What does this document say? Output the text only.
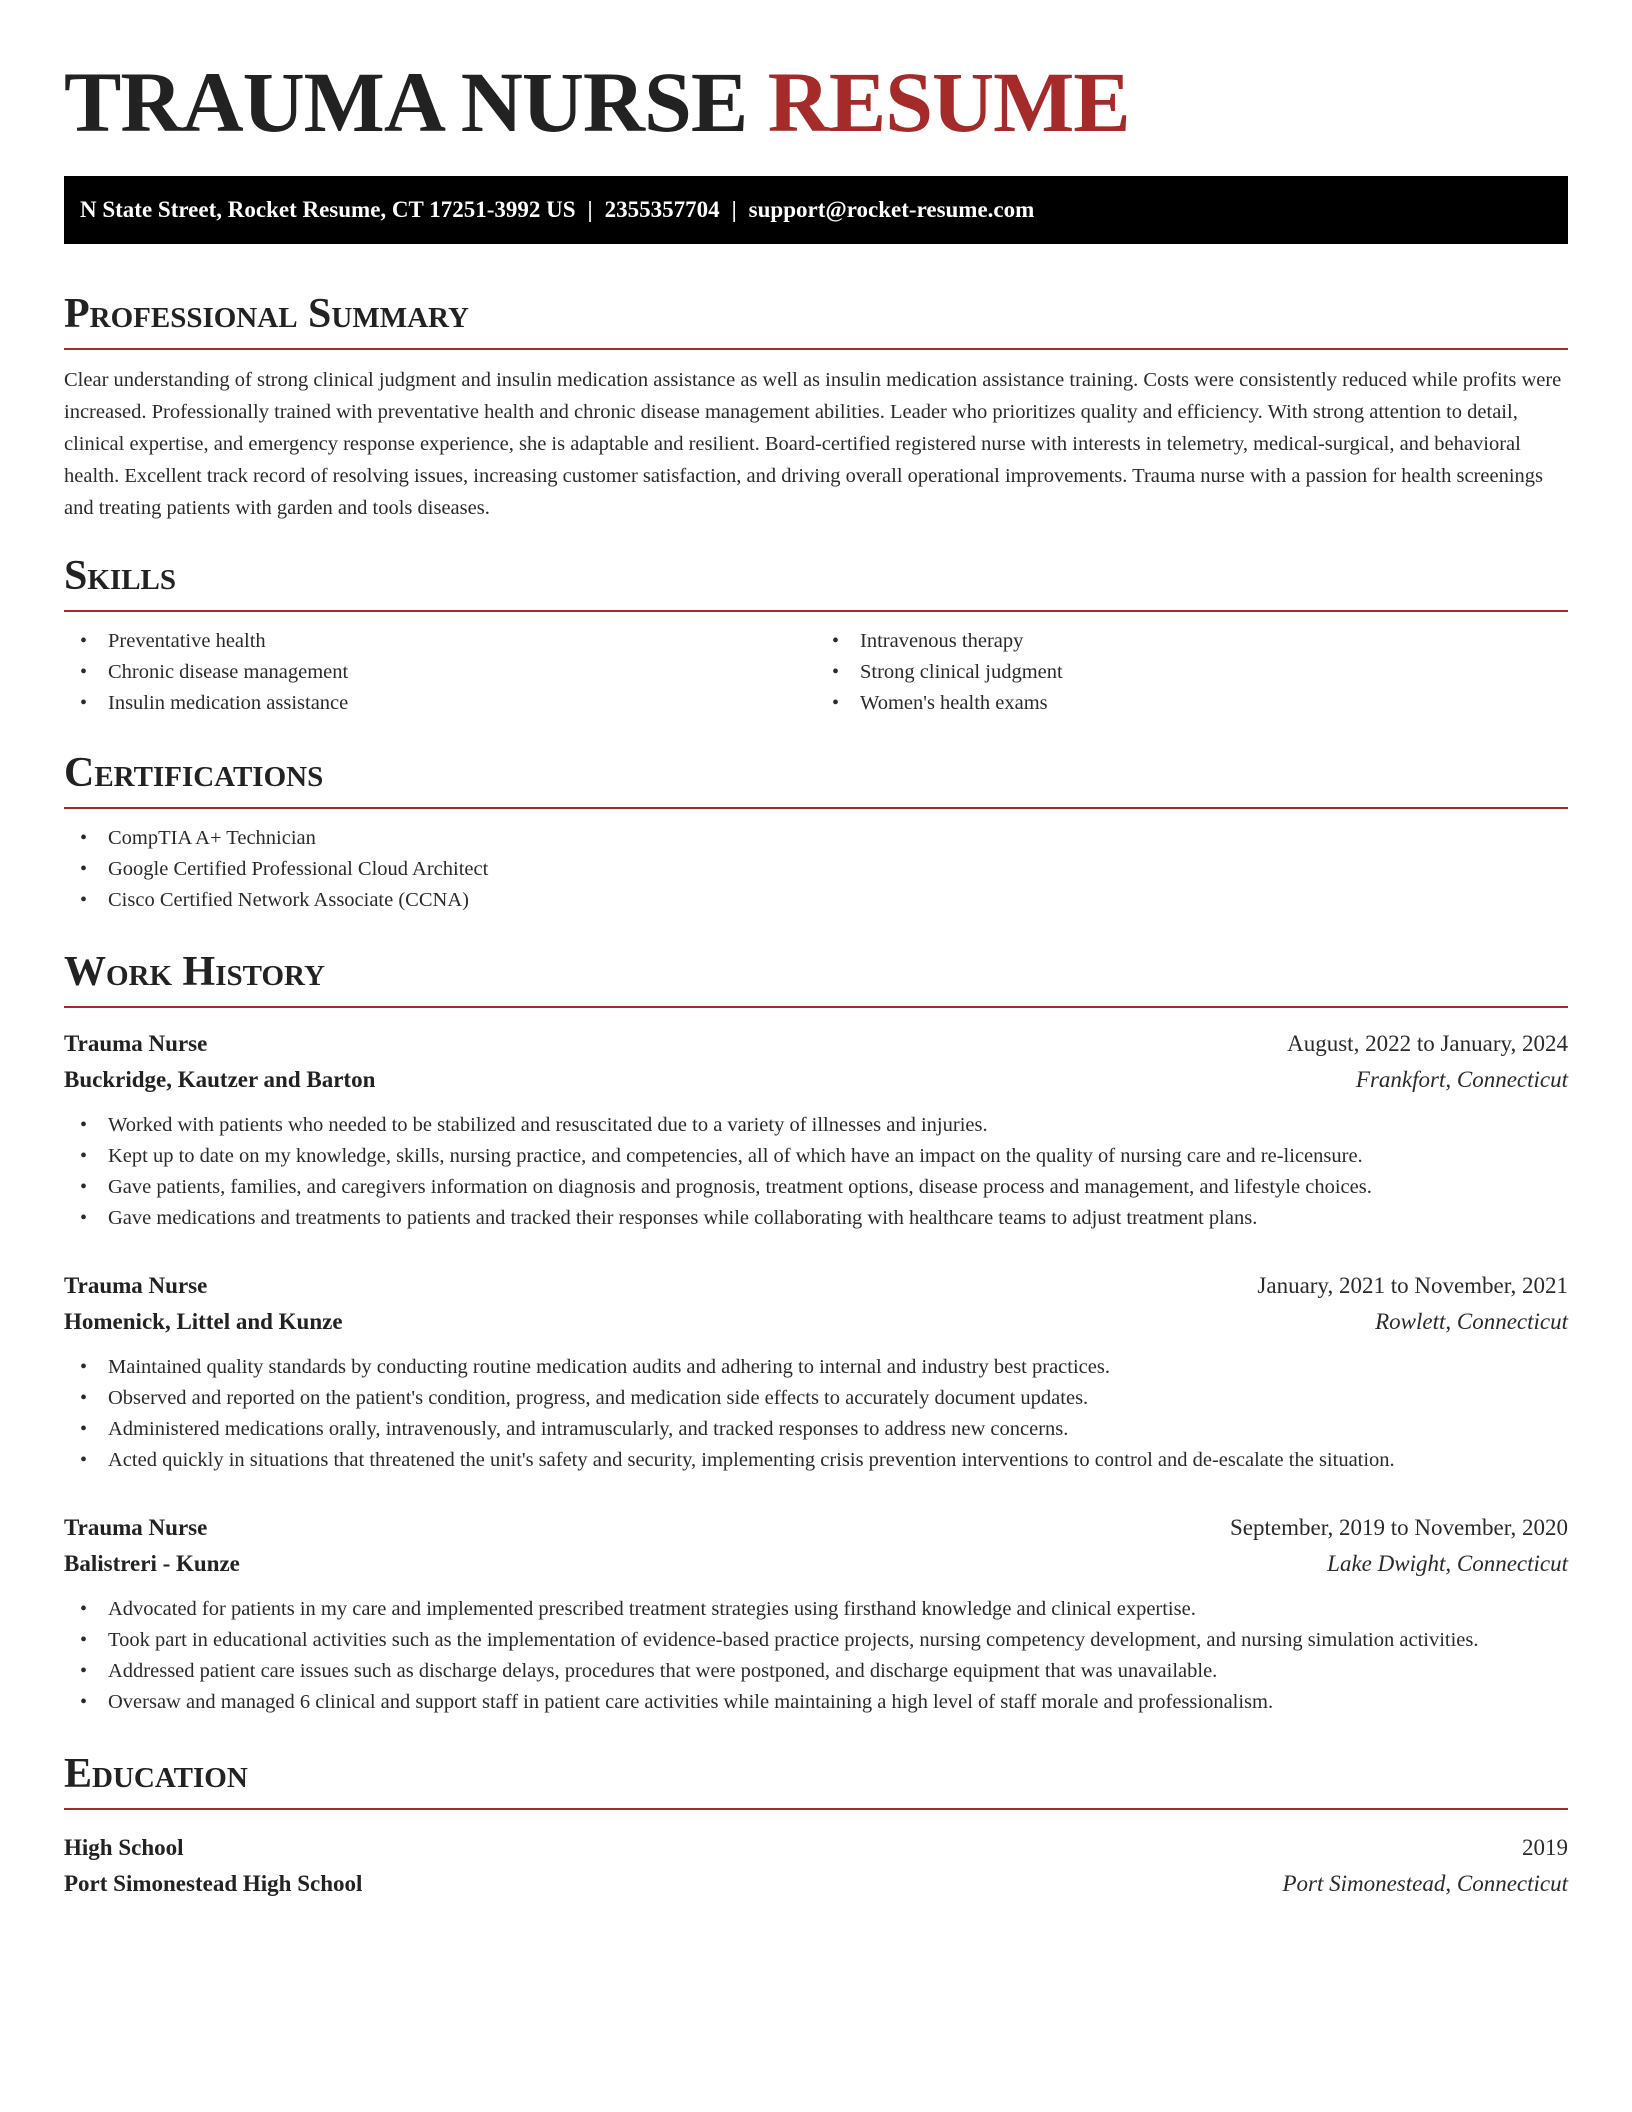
TRAUMA NURSE RESUME
N State Street, Rocket Resume, CT 17251-3992 US | 2355357704 | support@rocket-resume.com
Professional Summary

Clear understanding of strong clinical judgment and insulin medication assistance as well as insulin medication assistance training. Costs were consistently reduced while profits were increased. Professionally trained with preventative health and chronic disease management abilities. Leader who prioritizes quality and efficiency. With strong attention to detail, clinical expertise, and emergency response experience, she is adaptable and resilient. Board-certified registered nurse with interests in telemetry, medical-surgical, and behavioral health. Excellent track record of resolving issues, increasing customer satisfaction, and driving overall operational improvements. Trauma nurse with a passion for health screenings and treating patients with garden and tools diseases.

Skills
• Preventative health
• Chronic disease management
• Insulin medication assistance
• Intravenous therapy
• Strong clinical judgment
• Women's health exams
Certifications
• CompTIA A+ Technician
• Google Certified Professional Cloud Architect
• Cisco Certified Network Associate (CCNA)
Work History
Trauma Nurse	August, 2022 to January, 2024
Buckridge, Kautzer and Barton	Frankfort, Connecticut
• Worked with patients who needed to be stabilized and resuscitated due to a variety of illnesses and injuries.
• Kept up to date on my knowledge, skills, nursing practice, and competencies, all of which have an impact on the quality of nursing care and re-licensure.
• Gave patients, families, and caregivers information on diagnosis and prognosis, treatment options, disease process and management, and lifestyle choices.
• Gave medications and treatments to patients and tracked their responses while collaborating with healthcare teams to adjust treatment plans.
Trauma Nurse	January, 2021 to November, 2021
Homenick, Littel and Kunze	Rowlett, Connecticut
• Maintained quality standards by conducting routine medication audits and adhering to internal and industry best practices.
• Observed and reported on the patient's condition, progress, and medication side effects to accurately document updates.
• Administered medications orally, intravenously, and intramuscularly, and tracked responses to address new concerns.
• Acted quickly in situations that threatened the unit's safety and security, implementing crisis prevention interventions to control and de-escalate the situation.
Trauma Nurse	September, 2019 to November, 2020
Balistreri - Kunze	Lake Dwight, Connecticut
• Advocated for patients in my care and implemented prescribed treatment strategies using firsthand knowledge and clinical expertise.
• Took part in educational activities such as the implementation of evidence-based practice projects, nursing competency development, and nursing simulation activities.
• Addressed patient care issues such as discharge delays, procedures that were postponed, and discharge equipment that was unavailable.
• Oversaw and managed 6 clinical and support staff in patient care activities while maintaining a high level of staff morale and professionalism.
Education
High School	2019
Port Simonestead High School	Port Simonestead, Connecticut
